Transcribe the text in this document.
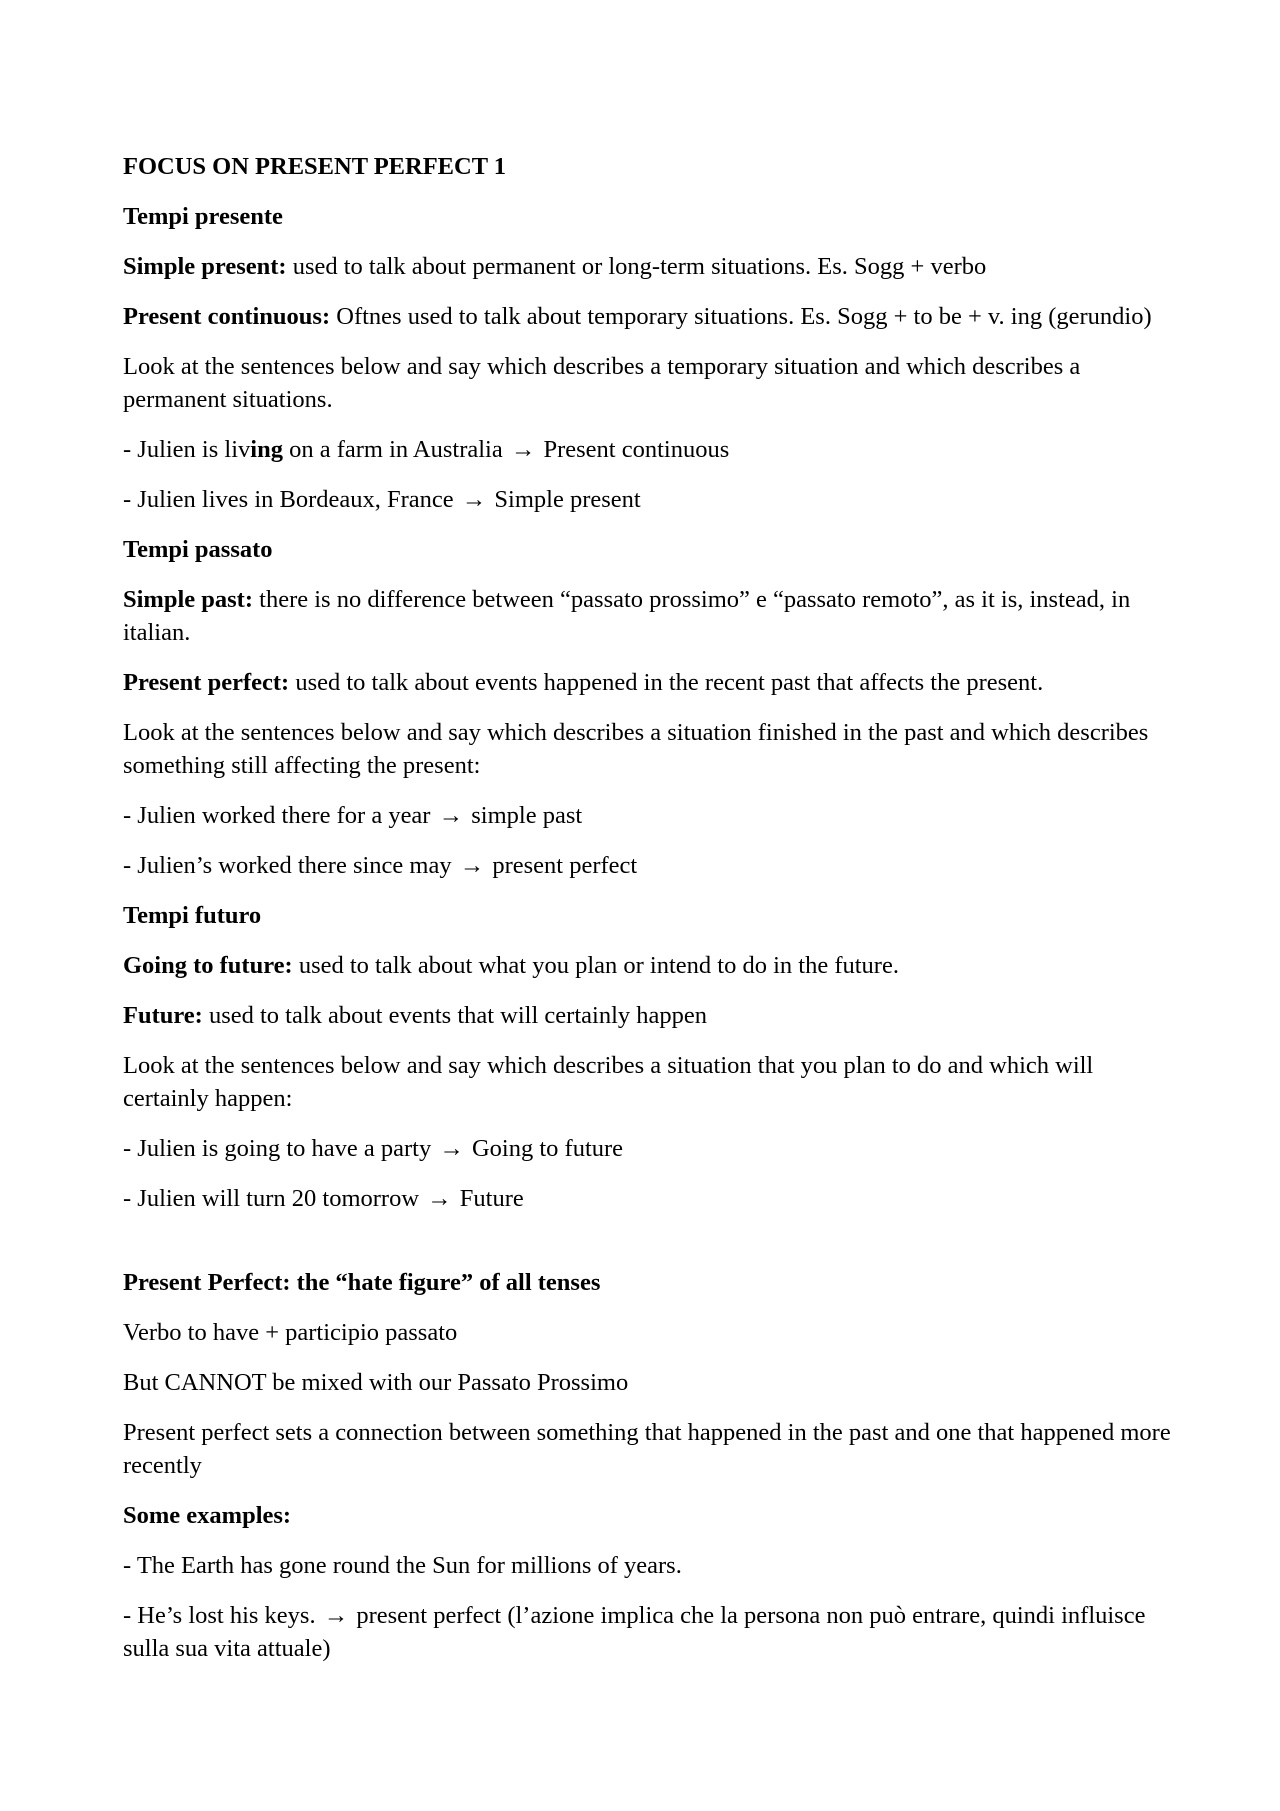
FOCUS ON PRESENT PERFECT 1

Tempi presente

Simple present: used to talk about permanent or long-term situations. Es. Sogg + verbo

Present continuous: Oftnes used to talk about temporary situations. Es. Sogg + to be + v. ing (gerundio)

Look at the sentences below and say which describes a temporary situation and which describes a permanent situations.

- Julien is living on a farm in Australia → Present continuous

- Julien lives in Bordeaux, France → Simple present

Tempi passato

Simple past: there is no difference between “passato prossimo” e “passato remoto”, as it is, instead, in italian.

Present perfect: used to talk about events happened in the recent past that affects the present.

Look at the sentences below and say which describes a situation finished in the past and which describes something still affecting the present:

- Julien worked there for a year → simple past

- Julien’s worked there since may → present perfect

Tempi futuro

Going to future: used to talk about what you plan or intend to do in the future.

Future: used to talk about events that will certainly happen

Look at the sentences below and say which describes a situation that you plan to do and which will certainly happen:

- Julien is going to have a party → Going to future

- Julien will turn 20 tomorrow → Future

Present Perfect: the “hate figure” of all tenses

Verbo to have + participio passato

But CANNOT be mixed with our Passato Prossimo

Present perfect sets a connection between something that happened in the past and one that happened more recently

Some examples:

- The Earth has gone round the Sun for millions of years.

- He’s lost his keys. → present perfect (l’azione implica che la persona non può entrare, quindi influisce sulla sua vita attuale)
